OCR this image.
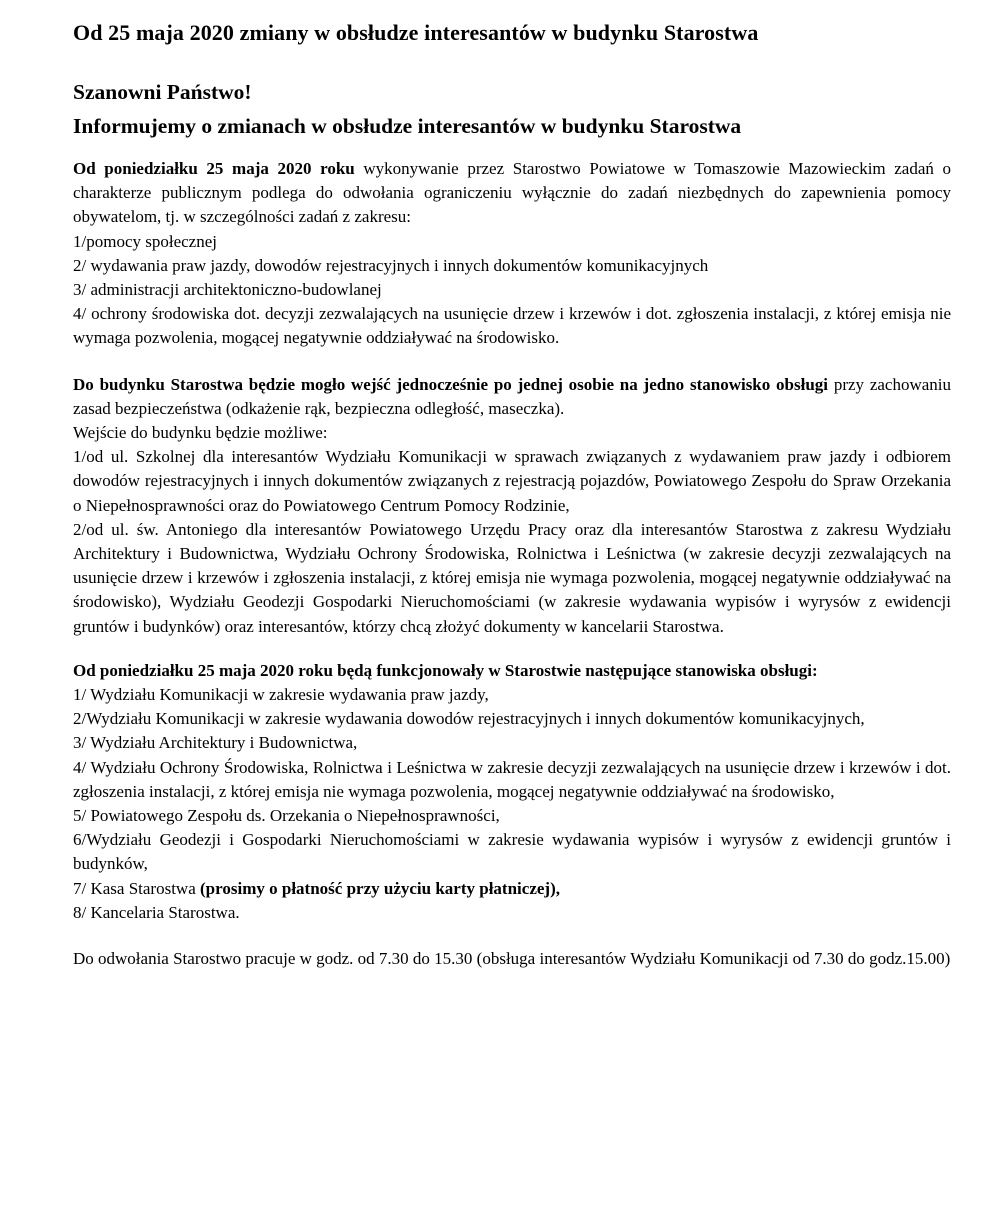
Od 25 maja 2020 zmiany w obsłudze interesantów w budynku Starostwa
Szanowni Państwo!
Informujemy o zmianach w obsłudze interesantów w budynku Starostwa

Od poniedziałku 25 maja 2020 roku wykonywanie przez Starostwo Powiatowe w Tomaszowie Mazowieckim zadań o charakterze publicznym podlega do odwołania ograniczeniu wyłącznie do zadań niezbędnych do zapewnienia pomocy obywatelom, tj. w szczególności zadań z zakresu:

1/pomocy społecznej

2/ wydawania praw jazdy, dowodów rejestracyjnych i innych dokumentów komunikacyjnych

3/ administracji architektoniczno-budowlanej

4/ ochrony środowiska dot. decyzji zezwalających na usunięcie drzew i krzewów i dot. zgłoszenia instalacji, z której emisja nie wymaga pozwolenia, mogącej negatywnie oddziaływać na środowisko.

Do budynku Starostwa będzie mogło wejść jednocześnie po jednej osobie na jedno stanowisko obsługi przy zachowaniu zasad bezpieczeństwa (odkażenie rąk, bezpieczna odległość, maseczka).

Wejście do budynku będzie możliwe:

1/od ul. Szkolnej dla interesantów Wydziału Komunikacji w sprawach związanych z wydawaniem praw jazdy i odbiorem dowodów rejestracyjnych i innych dokumentów związanych z rejestracją pojazdów, Powiatowego Zespołu do Spraw Orzekania o Niepełnosprawności oraz do Powiatowego Centrum Pomocy Rodzinie,

2/od ul. św. Antoniego dla interesantów Powiatowego Urzędu Pracy oraz dla interesantów Starostwa z zakresu Wydziału Architektury i Budownictwa, Wydziału Ochrony Środowiska, Rolnictwa i Leśnictwa (w zakresie decyzji zezwalających na usunięcie drzew i krzewów i zgłoszenia instalacji, z której emisja nie wymaga pozwolenia, mogącej negatywnie oddziaływać na środowisko), Wydziału Geodezji Gospodarki Nieruchomościami (w zakresie wydawania wypisów i wyrysów z ewidencji gruntów i budynków) oraz interesantów, którzy chcą złożyć dokumenty w kancelarii Starostwa.

Od poniedziałku 25 maja 2020 roku będą funkcjonowały w Starostwie następujące stanowiska obsługi:

1/ Wydziału Komunikacji w zakresie wydawania praw jazdy,

2/Wydziału Komunikacji w zakresie wydawania dowodów rejestracyjnych i innych dokumentów komunikacyjnych,

3/ Wydziału Architektury i Budownictwa,

4/ Wydziału Ochrony Środowiska, Rolnictwa i Leśnictwa w zakresie decyzji zezwalających na usunięcie drzew i krzewów i dot. zgłoszenia instalacji, z której emisja nie wymaga pozwolenia, mogącej negatywnie oddziaływać na środowisko,

5/ Powiatowego Zespołu ds. Orzekania o Niepełnosprawności,

6/Wydziału Geodezji i Gospodarki Nieruchomościami w zakresie wydawania wypisów i wyrysów z ewidencji gruntów i budynków,

7/ Kasa Starostwa (prosimy o płatność przy użyciu karty płatniczej),

8/ Kancelaria Starostwa.

Do odwołania Starostwo pracuje w godz. od 7.30 do 15.30 (obsługa interesantów Wydziału Komunikacji od 7.30 do godz.15.00)
